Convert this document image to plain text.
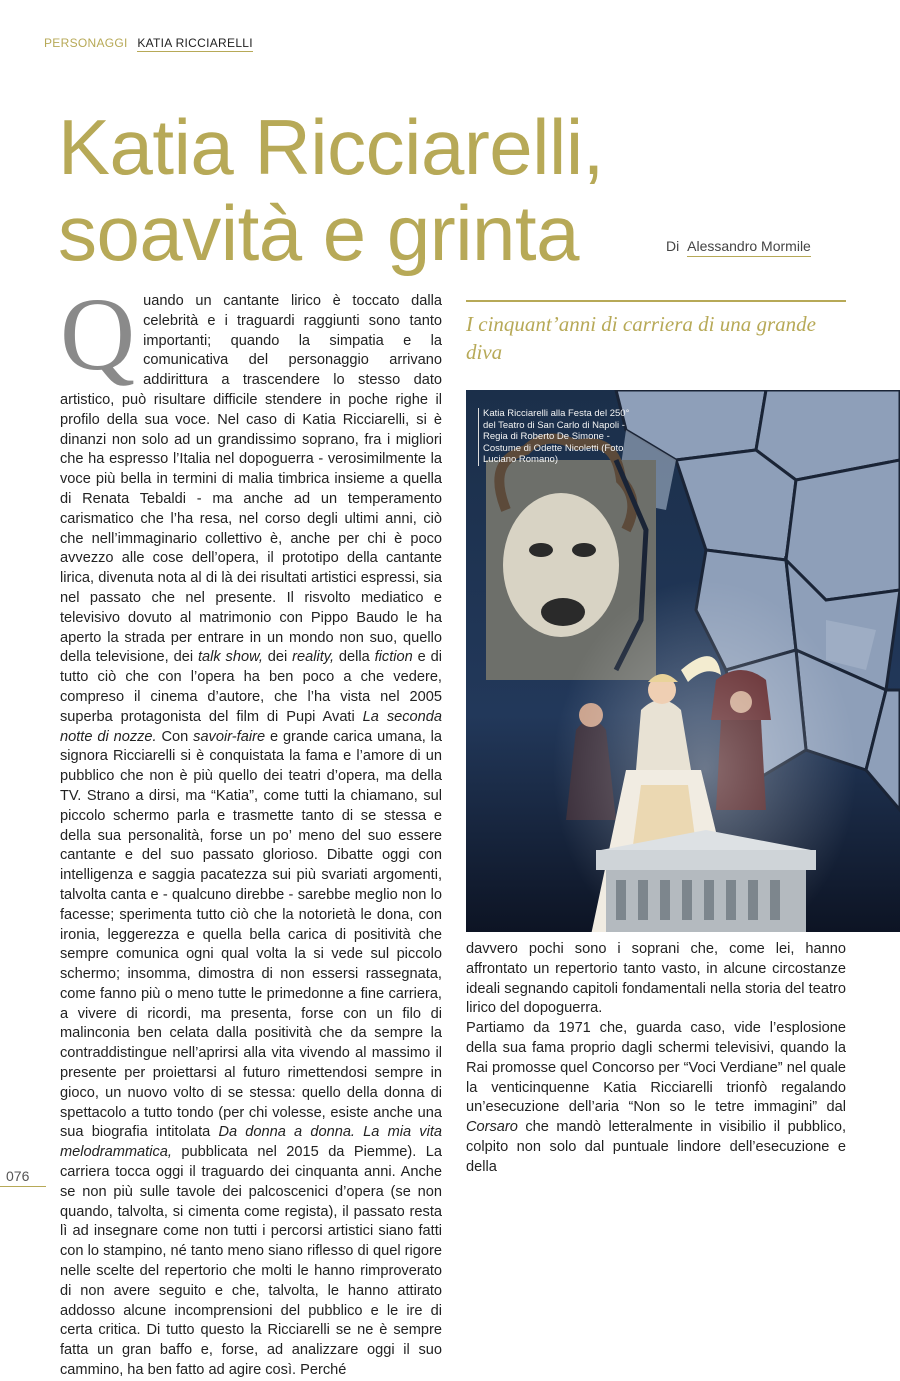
PERSONAGGI KATIA RICCIARELLI
Katia Ricciarelli,
soavità e grinta	Di Alessandro Mormile

Quando un cantante lirico è toccato dalla celebrità e i traguardi raggiunti sono tanto importanti; quando la simpatia e la comunicativa del personaggio arrivano addirittura a trascendere lo stesso dato artistico, può risultare difficile stendere in poche righe il profilo della sua voce. Nel caso di Katia Ricciarelli, si è dinanzi non solo ad un grandissimo soprano, fra i migliori che ha espresso l’Italia nel dopoguerra - verosimilmente la voce più bella in termini di malia timbrica insieme a quella di Renata Tebaldi - ma anche ad un temperamento carismatico che l’ha resa, nel corso degli ultimi anni, ciò che nell’immaginario collettivo è, anche per chi è poco avvezzo alle cose dell’opera, il prototipo della cantante lirica, divenuta nota al di là dei risultati artistici espressi, sia nel passato che nel presente. Il risvolto mediatico e televisivo dovuto al matrimonio con Pippo Baudo le ha aperto la strada per entrare in un mondo non suo, quello della televisione, dei talk show, dei reality, della fiction e di tutto ciò che con l’opera ha ben poco a che vedere, compreso il cinema d’autore, che l’ha vista nel 2005 superba protagonista del film di Pupi Avati La seconda notte di nozze. Con savoir-faire e grande carica umana, la signora Ricciarelli si è conquistata la fama e l’amore di un pubblico che non è più quello dei teatri d’opera, ma della TV. Strano a dirsi, ma “Katia”, come tutti la chiamano, sul piccolo schermo parla e trasmette tanto di se stessa e della sua personalità, forse un po’ meno del suo essere cantante e del suo passato glorioso. Dibatte oggi con intelligenza e saggia pacatezza sui più svariati argomenti, talvolta canta e - qualcuno direbbe - sarebbe meglio non lo facesse; sperimenta tutto ciò che la notorietà le dona, con ironia, leggerezza e quella bella carica di positività che sempre comunica ogni qual volta la si vede sul piccolo schermo; insomma, dimostra di non essersi rassegnata, come fanno più o meno tutte le primedonne a fine carriera, a vivere di ricordi, ma presenta, forse con un filo di malinconia ben celata dalla positività che da sempre la contraddistingue nell’aprirsi alla vita vivendo al massimo il presente per proiettarsi al futuro rimettendosi sempre in gioco, un nuovo volto di se stessa: quello della donna di spettacolo a tutto tondo (per chi volesse, esiste anche una sua biografia intitolata Da donna a donna. La mia vita melodrammatica, pubblicata nel 2015 da Piemme). La carriera tocca oggi il traguardo dei cinquanta anni. Anche se non più sulle tavole dei palcoscenici d’opera (se non quando, talvolta, si cimenta come regista), il passato resta lì ad insegnare come non tutti i percorsi artistici siano fatti con lo stampino, né tanto meno siano riflesso di quel rigore nelle scelte del repertorio che molti le hanno rimproverato di non avere seguito e che, talvolta, le hanno attirato addosso alcune incomprensioni del pubblico e le ire di certa critica. Di tutto questo la Ricciarelli se ne è sempre fatta un gran baffo e, forse, ad analizzare oggi il suo cammino, ha ben fatto ad agire così. Perché

I cinquant’anni di carriera di una grande diva

Katia Ricciarelli alla Festa del 250° del Teatro di San Carlo di Napoli - Regia di Roberto De Simone - Costume di Odette Nicoletti (Foto Luciano Romano)

davvero pochi sono i soprani che, come lei, hanno affrontato un repertorio tanto vasto, in alcune circostanze ideali segnando capitoli fondamentali nella storia del teatro lirico del dopoguerra.

Partiamo da 1971 che, guarda caso, vide l’esplosione della sua fama proprio dagli schermi televisivi, quando la Rai promosse quel Concorso per “Voci Verdiane” nel quale la venticinquenne Katia Ricciarelli trionfò regalando un’esecuzione dell’aria “Non so le tetre immagini” dal Corsaro che mandò letteralmente in visibilio il pubblico, colpito non solo dal puntuale lindore dell’esecuzione e della

076
